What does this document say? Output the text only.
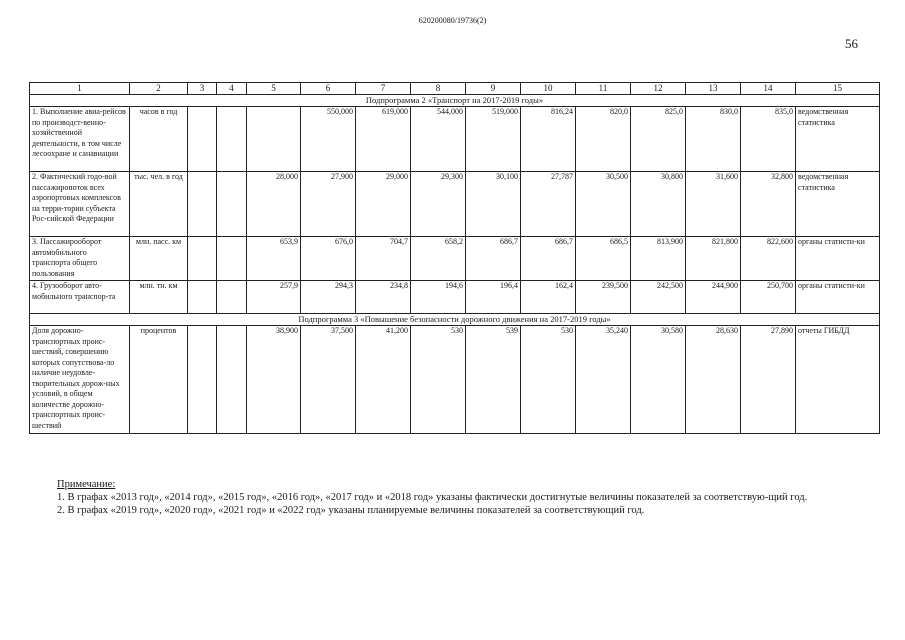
620200080/19736(2)
56
1	2	3	4	5	6	7	8	9	10	11	12	13	14	15
Подпрограмма 2 «Транспорт на 2017-2019 годы»														
1. Выполнение авиа-рейсов по производст-венно-хозяйственной деятельности, в том числе лесоохране и санавиации	часов в год				550,000	619,000	544,000	519,000	816,24	820,0	825,0	830,0	835,0	ведомственная статистика
2. Фактический годо-вой пассажиропоток всех аэропортовых комплексов на терри-тории субъекта Рос-сийской Федерации	тыс. чел. в год			28,000	27,900	29,000	29,300	30,100	27,787	30,500	30,800	31,600	32,800	ведомственная статистика
3. Пассажирооборот автомобильного транспорта общего пользования	млн. пасс. км			653,9	676,0	704,7	658,2	686,7	686,7	686,5	813,900	821,800	822,600	органы статисти-ки
4. Грузооборот авто-мобильного транспор-та	млн. тн. км			257,9	294,3	234,8	194,6	196,4	162,4	239,500	242,500	244,900	250,700	органы статисти-ки
Подпрограмма 3 «Повышение безопасности дорожного движения на 2017-2019 годы»														
Доля дорожно-транспортных проис-шествий, совершению которых сопутствова-ло наличие неудовле-творительных дорож-ных условий, в общем количестве дорожно-транспортных проис-шествий	процентов			38,900	37,500	41,200	530	539	530	35,240	30,580	28,630	27,890	отчеты ГИБДД

Примечание:

1. В графах «2013 год», «2014 год», «2015 год», «2016 год», «2017 год» и «2018 год» указаны фактически достигнутые величины показателей за соответствую-щий год.

2. В графах «2019 год», «2020 год», «2021 год» и «2022 год» указаны планируемые величины показателей за соответствующий год.
